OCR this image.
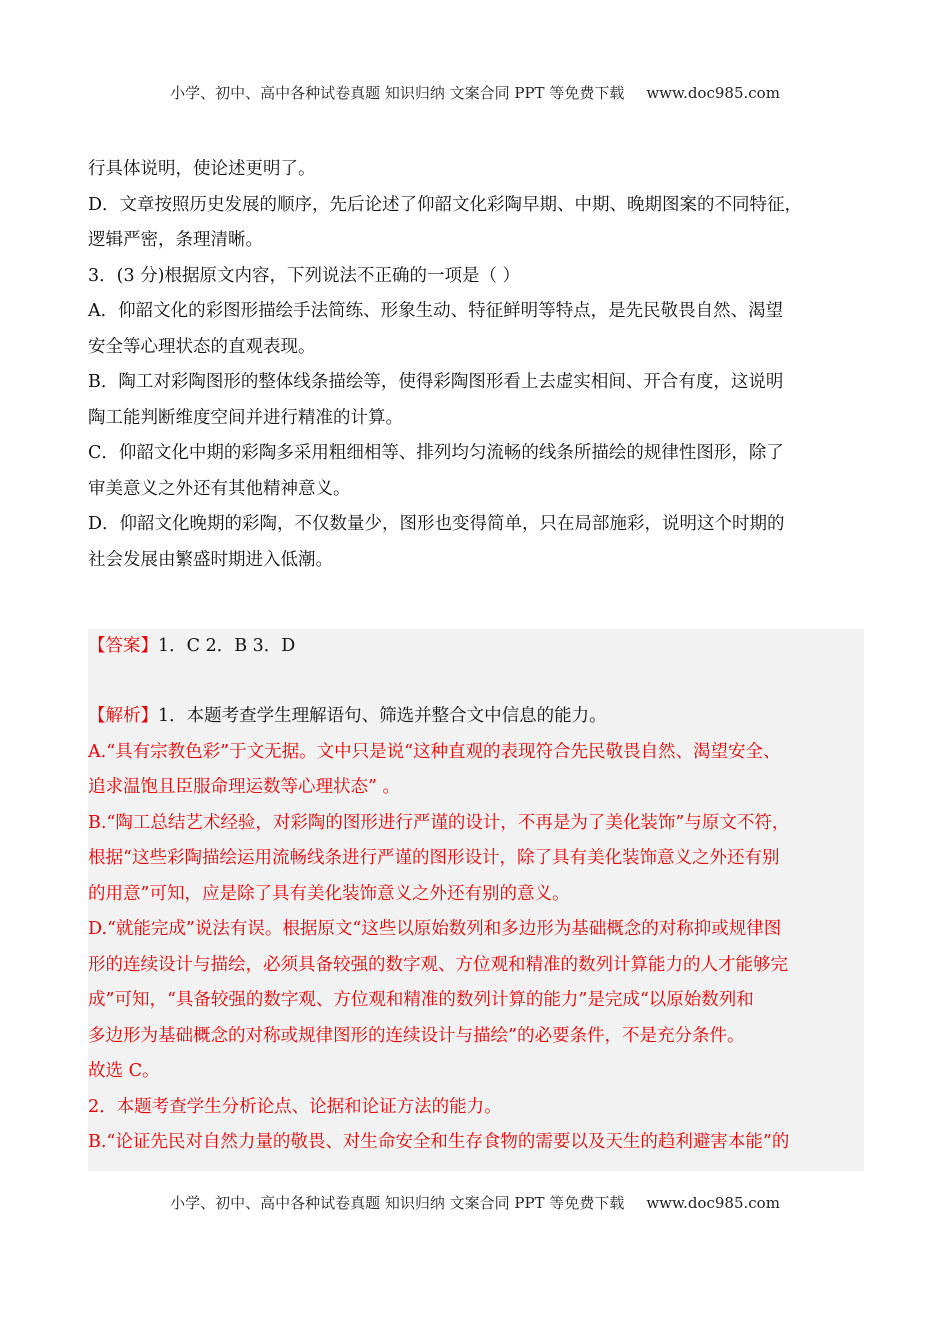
小学、初中、高中各种试卷真题 知识归纳 文案合同 PPT 等免费下载 www.doc985.com
行具体说明，使论述更明了。
D．文章按照历史发展的顺序，先后论述了仰韶文化彩陶早期、中期、晚期图案的不同特征，
逻辑严密，条理清晰。
3．(3 分)根据原文内容，下列说法不正确的一项是（ ）
A．仰韶文化的彩图形描绘手法简练、形象生动、特征鲜明等特点，是先民敬畏自然、渴望
安全等心理状态的直观表现。
B．陶工对彩陶图形的整体线条描绘等，使得彩陶图形看上去虚实相间、开合有度，这说明
陶工能判断维度空间并进行精准的计算。
C．仰韶文化中期的彩陶多采用粗细相等、排列均匀流畅的线条所描绘的规律性图形，除了
审美意义之外还有其他精神意义。
D．仰韶文化晚期的彩陶，不仅数量少，图形也变得简单，只在局部施彩，说明这个时期的
社会发展由繁盛时期进入低潮。
【答案】1．C 2．B 3．D
【解析】1．本题考查学生理解语句、筛选并整合文中信息的能力。
A.“具有宗教色彩”于文无据。文中只是说“这种直观的表现符合先民敬畏自然、渴望安全、
追求温饱且臣服命理运数等心理状态” 。
B.“陶工总结艺术经验，对彩陶的图形进行严谨的设计，不再是为了美化装饰”与原文不符，
根据“这些彩陶描绘运用流畅线条进行严谨的图形设计，除了具有美化装饰意义之外还有别
的用意”可知，应是除了具有美化装饰意义之外还有别的意义。
D.“就能完成”说法有误。根据原文“这些以原始数列和多边形为基础概念的对称抑或规律图
形的连续设计与描绘，必须具备较强的数字观、方位观和精准的数列计算能力的人才能够完
成”可知，“具备较强的数字观、方位观和精准的数列计算的能力”是完成“以原始数列和
多边形为基础概念的对称或规律图形的连续设计与描绘”的必要条件，不是充分条件。
故选 C。
2．本题考查学生分析论点、论据和论证方法的能力。
B.“论证先民对自然力量的敬畏、对生命安全和生存食物的需要以及天生的趋利避害本能”的
小学、初中、高中各种试卷真题 知识归纳 文案合同 PPT 等免费下载 www.doc985.com
